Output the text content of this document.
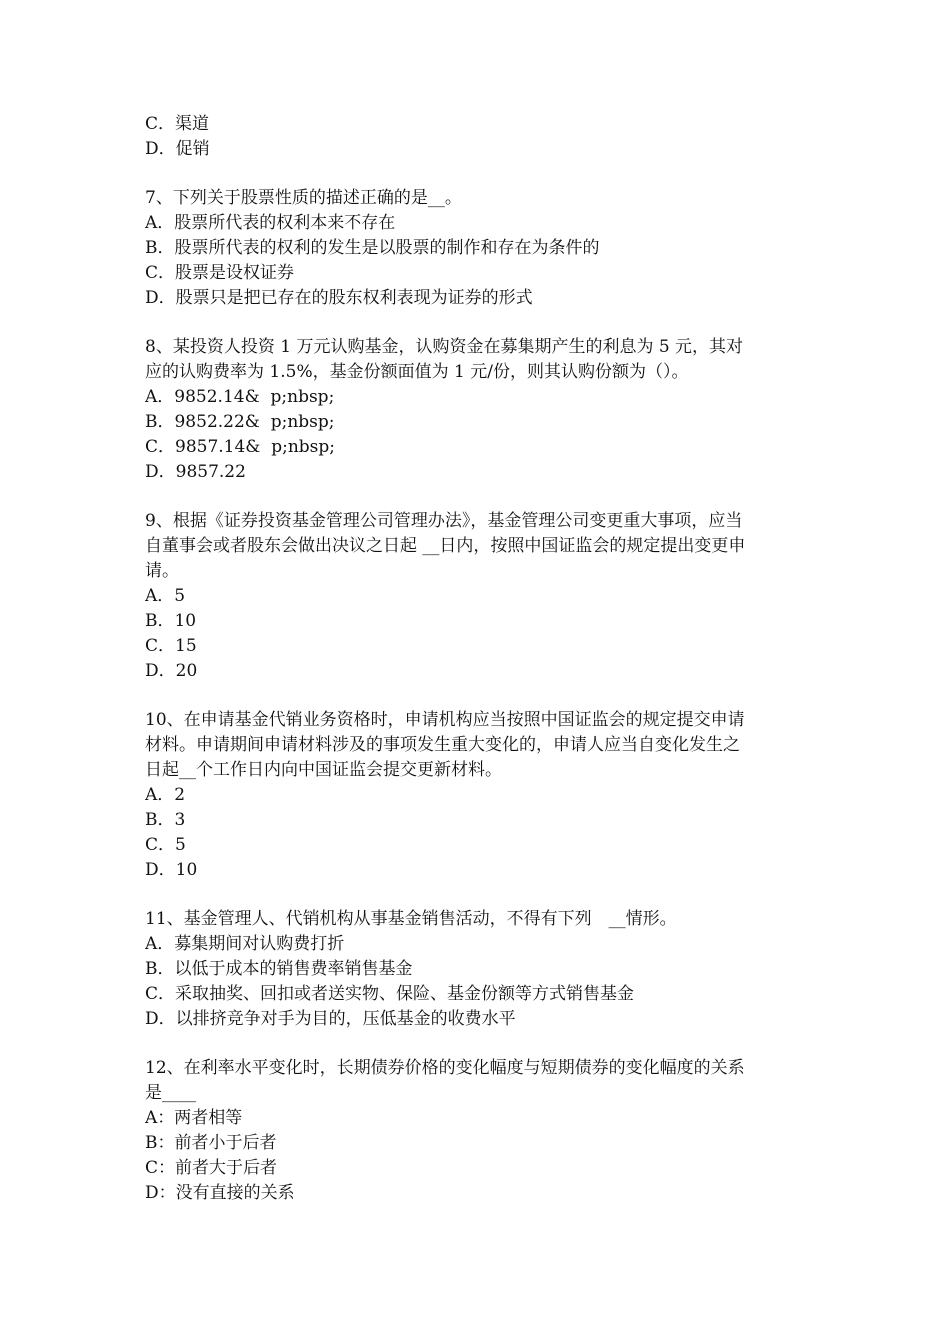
C．渠道
D．促销
7、下列关于股票性质的描述正确的是__。
A．股票所代表的权利本来不存在
B．股票所代表的权利的发生是以股票的制作和存在为条件的
C．股票是设权证券
D．股票只是把已存在的股东权利表现为证券的形式
8、某投资人投资 1 万元认购基金，认购资金在募集期产生的利息为 5 元，其对
应的认购费率为 1.5%，基金份额面值为 1 元/份，则其认购份额为（）。
A．9852.14&  p;nbsp;
B．9852.22&  p;nbsp;
C．9857.14&  p;nbsp;
D．9857.22
9、根据《证券投资基金管理公司管理办法》，基金管理公司变更重大事项，应当
自董事会或者股东会做出决议之日起 __日内，按照中国证监会的规定提出变更申
请。
A．5
B．10
C．15
D．20
10、在申请基金代销业务资格时，申请机构应当按照中国证监会的规定提交申请
材料。申请期间申请材料涉及的事项发生重大变化的，申请人应当自变化发生之
日起__个工作日内向中国证监会提交更新材料。
A．2
B．3
C．5
D．10
11、基金管理人、代销机构从事基金销售活动，不得有下列　__情形。
A．募集期间对认购费打折
B．以低于成本的销售费率销售基金
C．采取抽奖、回扣或者送实物、保险、基金份额等方式销售基金
D．以排挤竞争对手为目的，压低基金的收费水平
12、在利率水平变化时，长期债券价格的变化幅度与短期债券的变化幅度的关系
是____
A：两者相等
B：前者小于后者
C：前者大于后者
D：没有直接的关系
